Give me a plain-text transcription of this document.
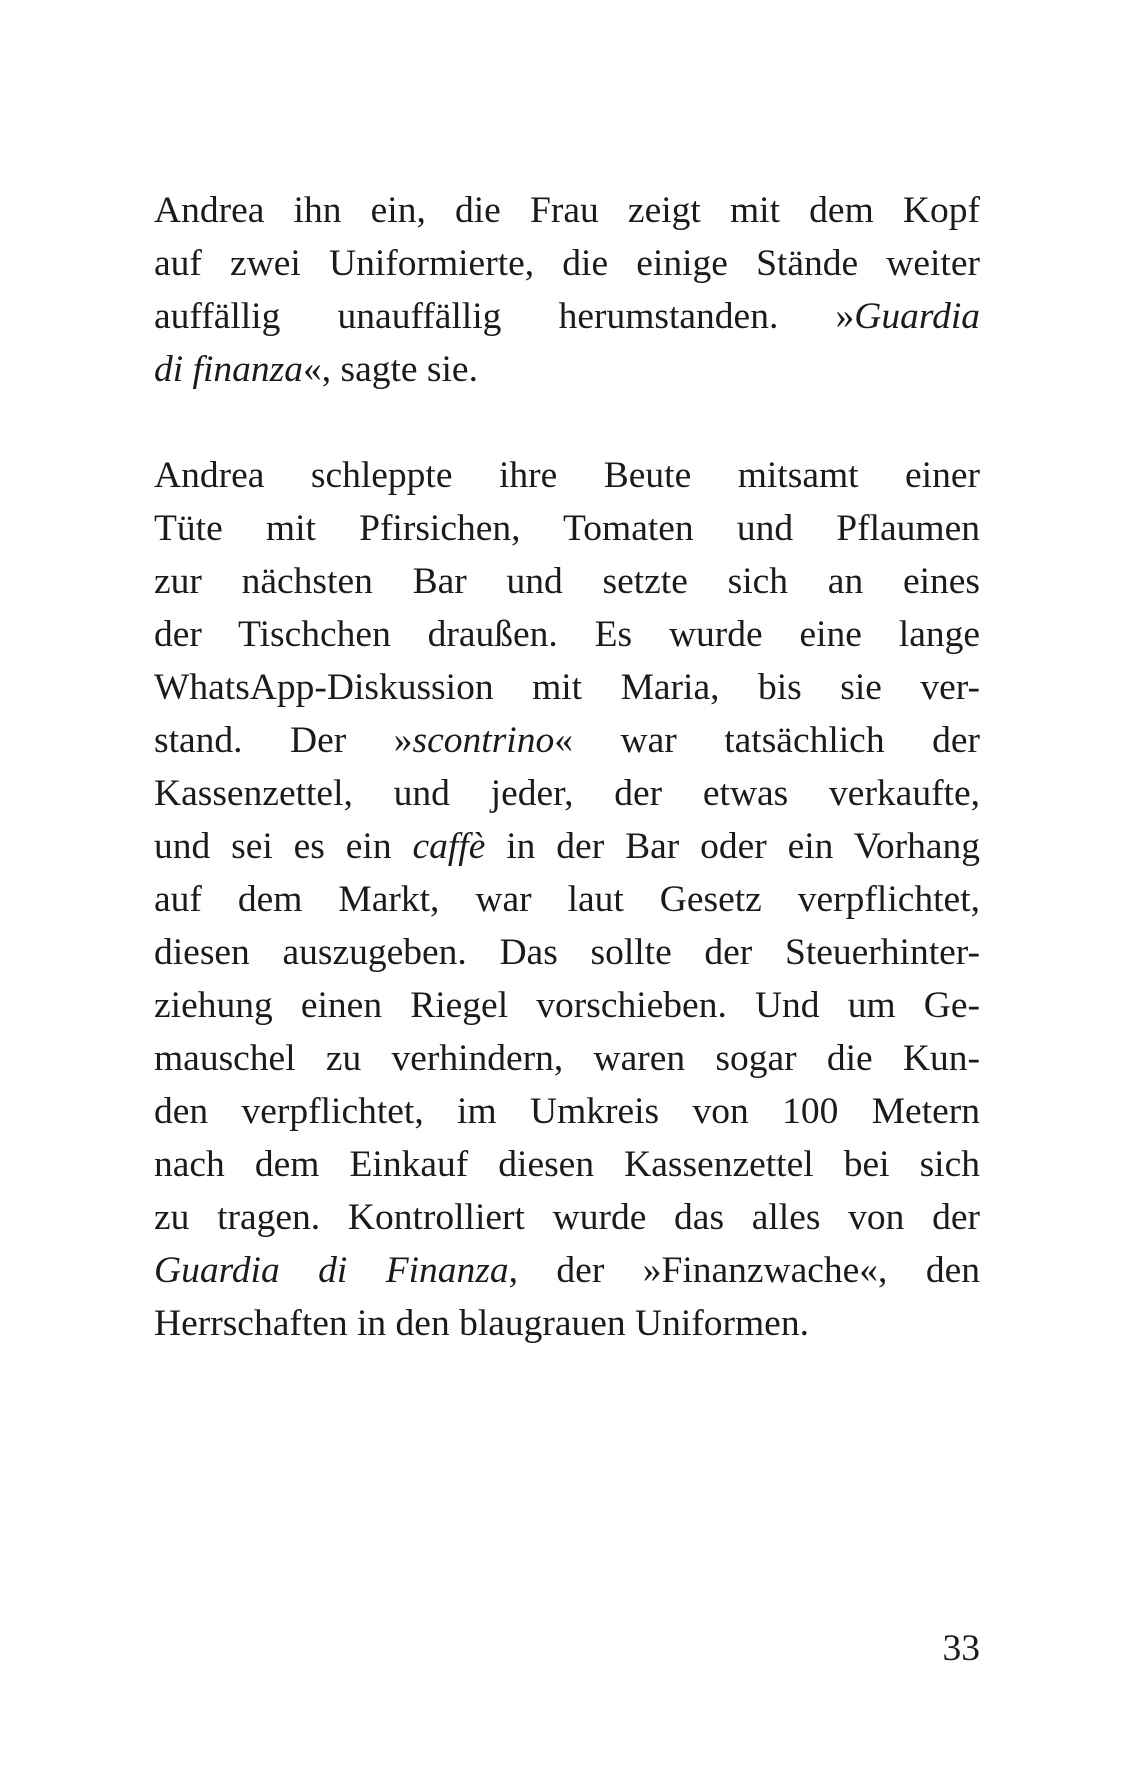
Andrea ihn ein, die Frau zeigt mit dem Kopf
auf zwei Uniformierte, die einige Stände weiter
auffällig unauffällig herumstanden. »Guardia
di finanza«, sagte sie.
Andrea schleppte ihre Beute mitsamt einer
Tüte mit Pfirsichen, Tomaten und Pflaumen
zur nächsten Bar und setzte sich an eines
der Tischchen draußen. Es wurde eine lange
WhatsApp-Diskussion mit Maria, bis sie ver-
stand. Der »scontrino« war tatsächlich der
Kassenzettel, und jeder, der etwas verkaufte,
und sei es ein caffè in der Bar oder ein Vorhang
auf dem Markt, war laut Gesetz verpflichtet,
diesen auszugeben. Das sollte der Steuerhinter-
ziehung einen Riegel vorschieben. Und um Ge-
mauschel zu verhindern, waren sogar die Kun-
den verpflichtet, im Umkreis von 100 Metern
nach dem Einkauf diesen Kassenzettel bei sich
zu tragen. Kontrolliert wurde das alles von der
Guardia di Finanza, der »Finanzwache«, den
Herrschaften in den blaugrauen Uniformen.
33
